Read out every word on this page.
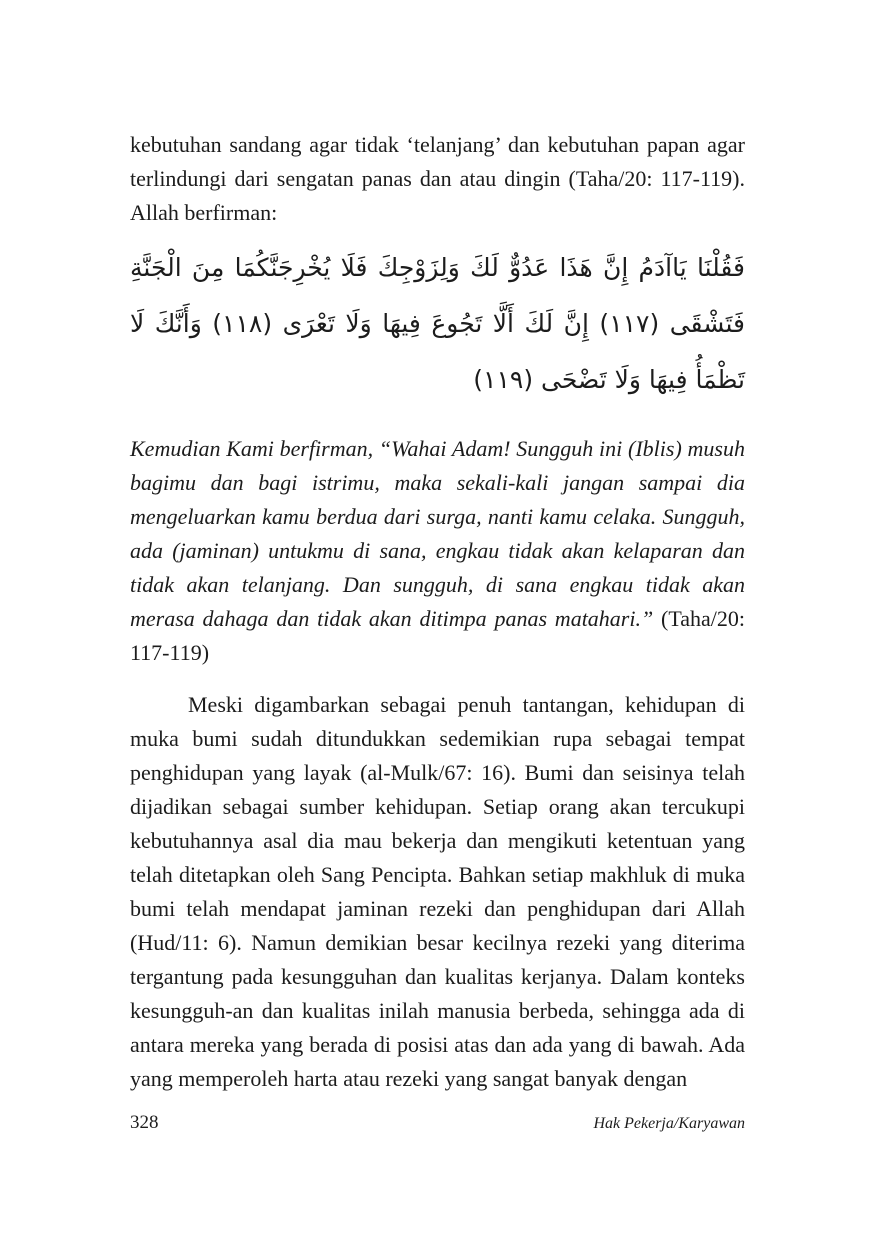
kebutuhan sandang agar tidak ‘telanjang’ dan kebutuhan papan agar terlindungi dari sengatan panas dan atau dingin (Taha/20: 117-119). Allah berfirman:

فَقُلْنَا يَاآدَمُ إِنَّ هَذَا عَدُوٌّ لَكَ وَلِزَوْجِكَ فَلَا يُخْرِجَنَّكُمَا مِنَ الْجَنَّةِ فَتَشْقَى (١١٧) إِنَّ لَكَ أَلَّا تَجُوعَ فِيهَا وَلَا تَعْرَى (١١٨) وَأَنَّكَ لَا تَظْمَأُ فِيهَا وَلَا تَضْحَى (١١٩)

Kemudian Kami berfirman, “Wahai Adam! Sungguh ini (Iblis) musuh bagimu dan bagi istrimu, maka sekali-kali jangan sampai dia mengeluarkan kamu berdua dari surga, nanti kamu celaka. Sungguh, ada (jaminan) untukmu di sana, engkau tidak akan kelaparan dan tidak akan telanjang. Dan sungguh, di sana engkau tidak akan merasa dahaga dan tidak akan ditimpa panas matahari.” (Taha/20: 117-119)

Meski digambarkan sebagai penuh tantangan, kehidupan di muka bumi sudah ditundukkan sedemikian rupa sebagai tempat penghidupan yang layak (al-Mulk/67: 16). Bumi dan seisinya telah dijadikan sebagai sumber kehidupan. Setiap orang akan tercukupi kebutuhannya asal dia mau bekerja dan mengikuti ketentuan yang telah ditetapkan oleh Sang Pencipta. Bahkan setiap makhluk di muka bumi telah mendapat jaminan rezeki dan penghidupan dari Allah (Hud/11: 6). Namun demikian besar kecilnya rezeki yang diterima tergantung pada kesungguhan dan kualitas kerjanya. Dalam konteks kesungguh-an dan kualitas inilah manusia berbeda, sehingga ada di antara mereka yang berada di posisi atas dan ada yang di bawah. Ada yang memperoleh harta atau rezeki yang sangat banyak dengan

328	Hak Pekerja/Karyawan
